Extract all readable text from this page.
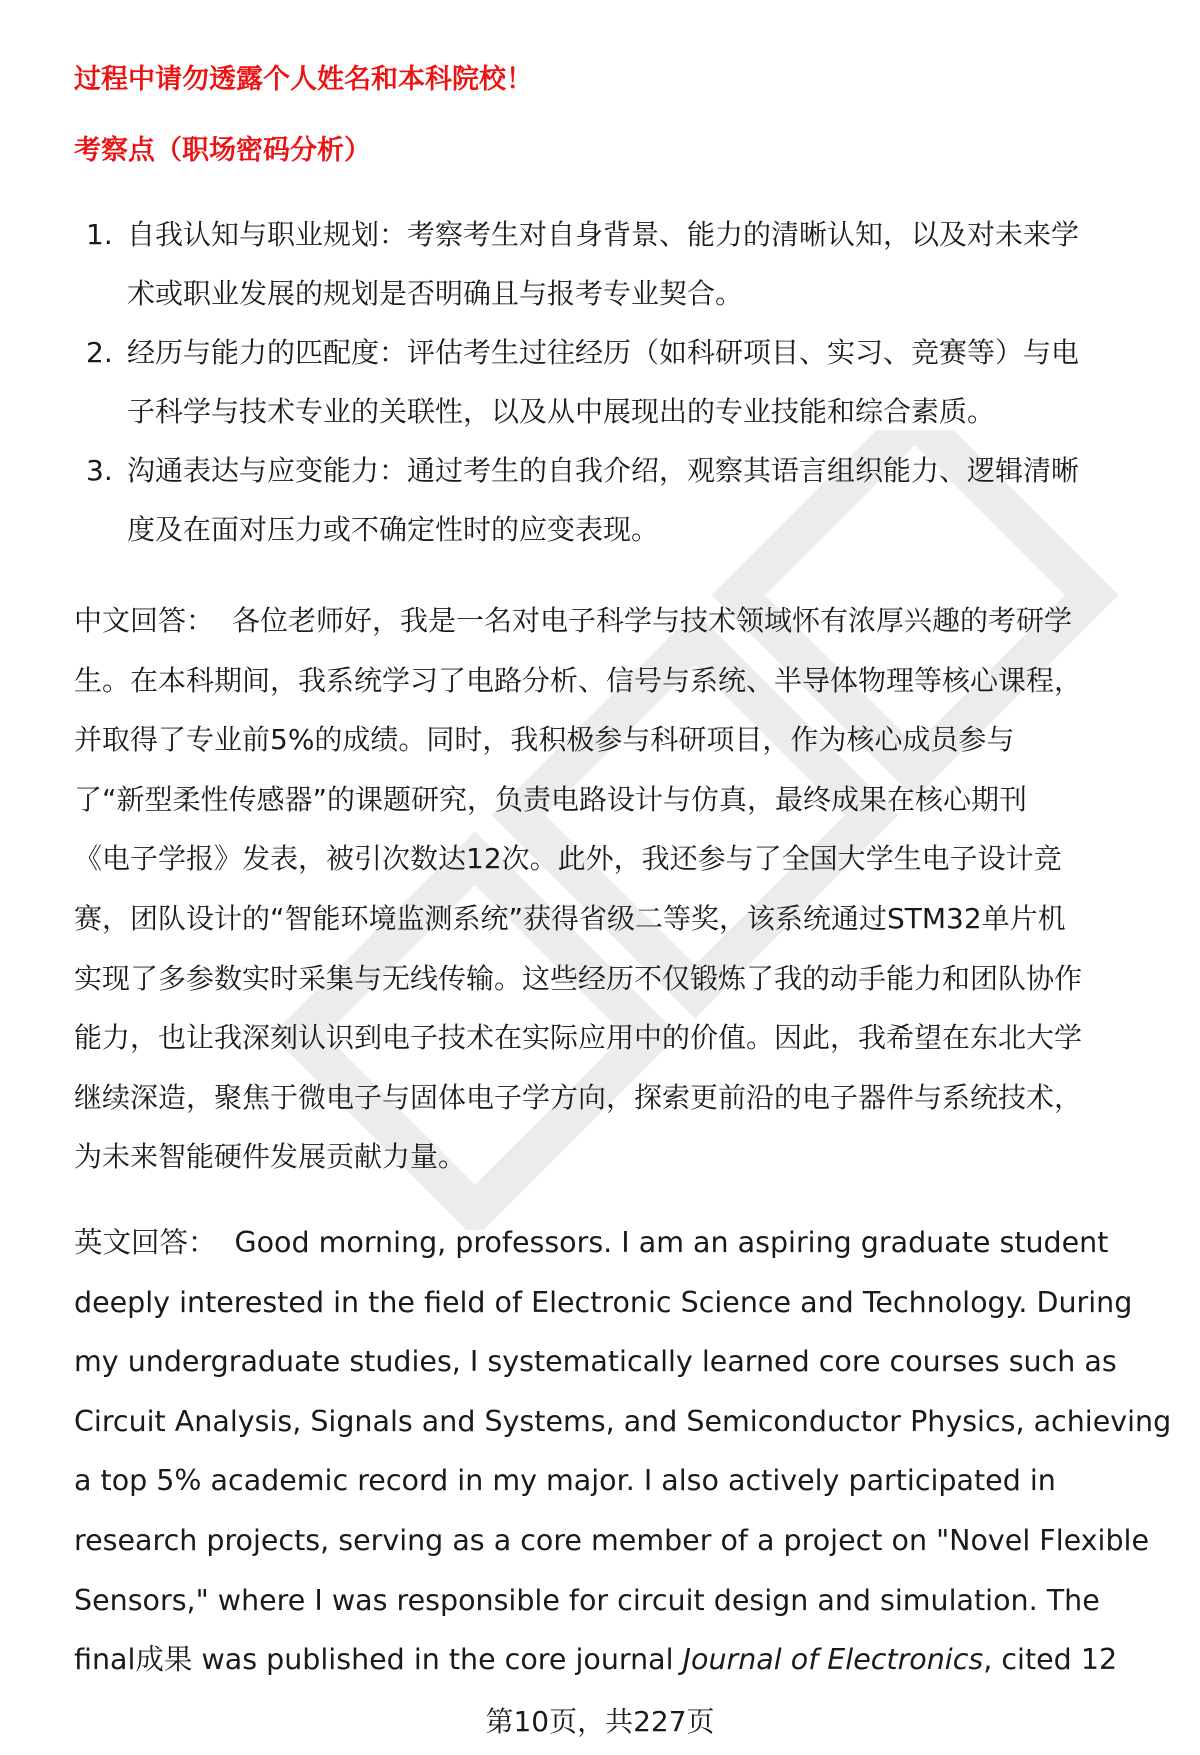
过程中请勿透露个人姓名和本科院校！
考察点（职场密码分析）
1. 自我认知与职业规划：考察考生对自身背景、能力的清晰认知，以及对未来学
术或职业发展的规划是否明确且与报考专业契合。
2. 经历与能力的匹配度：评估考生过往经历（如科研项目、实习、竞赛等）与电
子科学与技术专业的关联性，以及从中展现出的专业技能和综合素质。
3. 沟通表达与应变能力：通过考生的自我介绍，观察其语言组织能力、逻辑清晰
度及在面对压力或不确定性时的应变表现。
中文回答： 各位老师好，我是一名对电子科学与技术领域怀有浓厚兴趣的考研学
生。在本科期间，我系统学习了电路分析、信号与系统、半导体物理等核心课程，
并取得了专业前5%的成绩。同时，我积极参与科研项目，作为核心成员参与
了“新型柔性传感器”的课题研究，负责电路设计与仿真，最终成果在核心期刊
《电子学报》发表，被引次数达12次。此外，我还参与了全国大学生电子设计竞
赛，团队设计的“智能环境监测系统”获得省级二等奖，该系统通过STM32单片机
实现了多参数实时采集与无线传输。这些经历不仅锻炼了我的动手能力和团队协作
能力，也让我深刻认识到电子技术在实际应用中的价值。因此，我希望在东北大学
继续深造，聚焦于微电子与固体电子学方向，探索更前沿的电子器件与系统技术，
为未来智能硬件发展贡献力量。
英文回答： Good morning, professors. I am an aspiring graduate student
deeply interested in the field of Electronic Science and Technology. During
my undergraduate studies, I systematically learned core courses such as
Circuit Analysis, Signals and Systems, and Semiconductor Physics, achieving
a top 5% academic record in my major. I also actively participated in
research projects, serving as a core member of a project on "Novel Flexible
Sensors," where I was responsible for circuit design and simulation. The
final成果 was published in the core journal Journal of Electronics, cited 12
第10页，共227页
